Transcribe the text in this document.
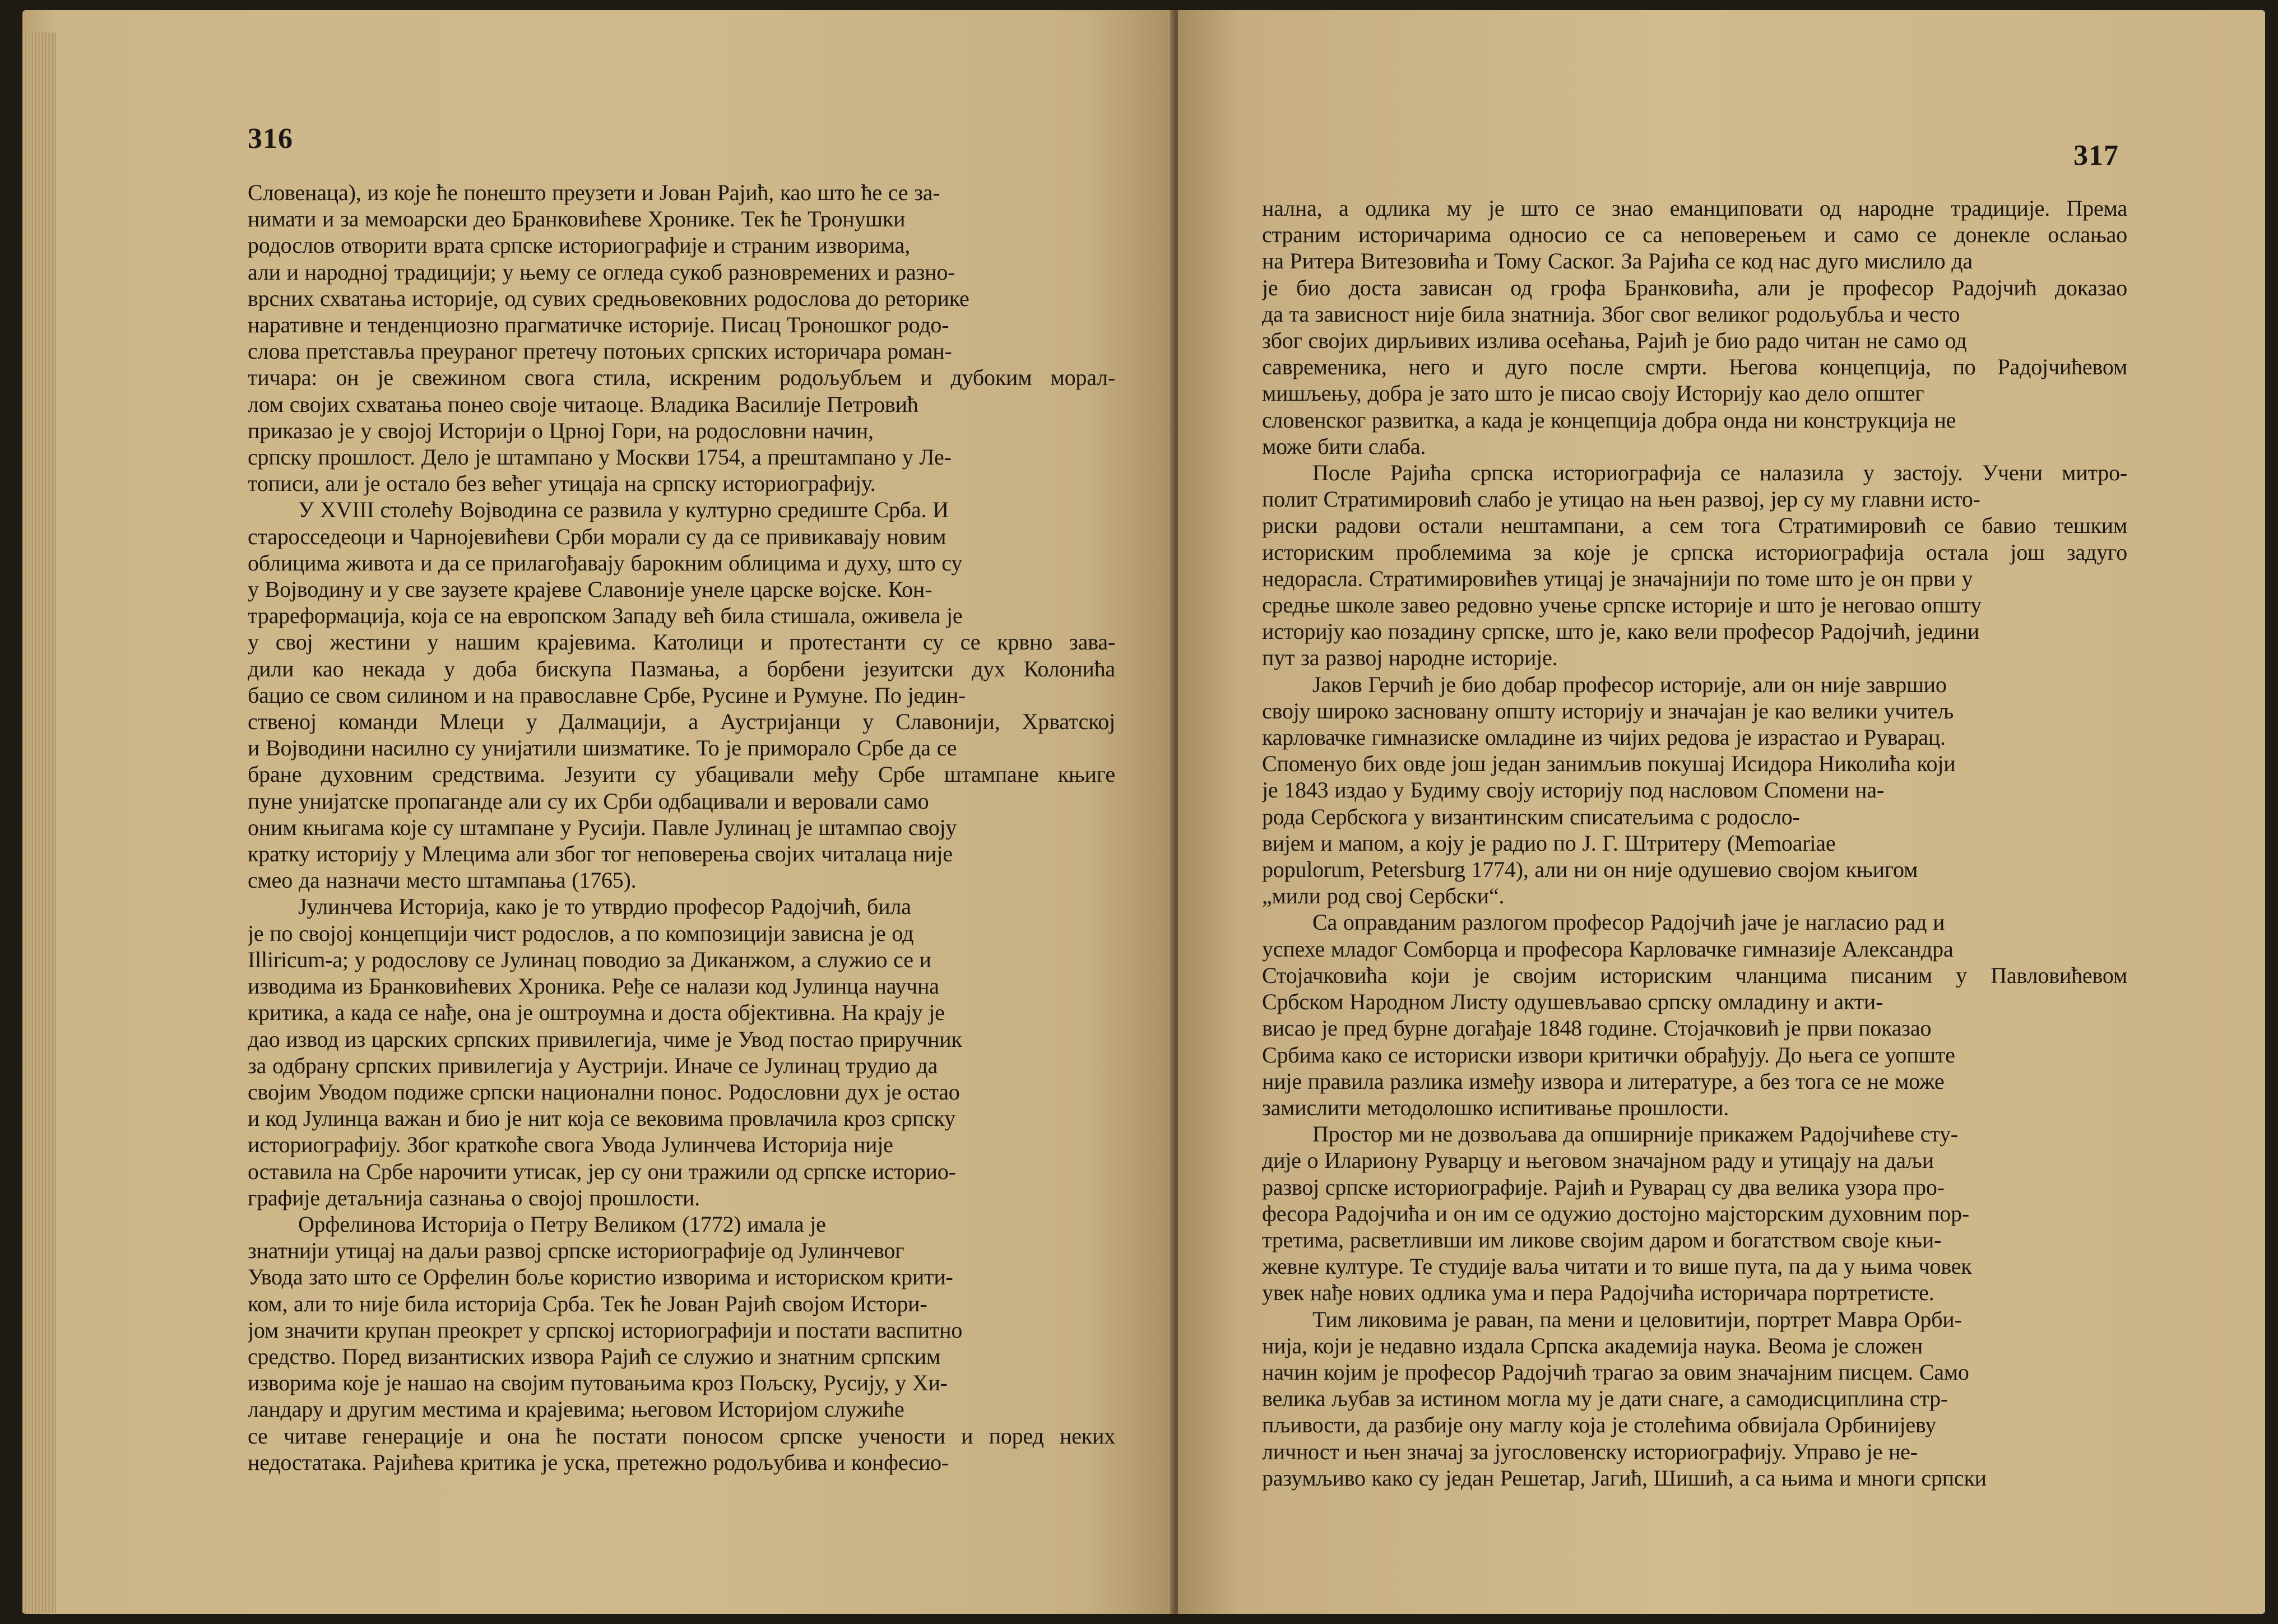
316
Словенаца), из које ће понешто преузети и Јован Рајић, као што ће се за-
нимати и за мемоарски део Бранковићеве Хронике. Тек ће Тронушки
родослов отворити врата српске историографије и страним изворима,
али и народној традицији; у њему се огледа сукоб разновремених и разно-
врсних схватања историје, од сувих средњовековних родослова до реторике
наративне и тенденциозно прагматичке историје. Писац Троношког родо-
слова претставља преураног претечу потоњих српских историчара роман-
тичара: он је свежином свога стила, искреним родољубљем и дубоким морал-
лом својих схватања понео своје читаоце. Владика Василије Петровић
приказао је у својој Историји о Црној Гори, на родословни начин,
српску прошлост. Дело је штампано у Москви 1754, а прештампано у Ле-
тописи, али је остало без већег утицаја на српску историографију.
У XVIII столећу Војводина се развила у културно средиште Срба. И
старосседеоци и Чарнојевићеви Срби морали су да се привикавају новим
облицима живота и да се прилагођавају барокним облицима и духу, што су
у Војводину и у све заузете крајеве Славоније унеле царске војске. Кон-
трареформација, која се на европском Западу већ била стишала, оживела је
у свој жестини у нашим крајевима. Католици и протестанти су се крвно зава-
дили као некада у доба бискупа Пазмања, а борбени језуитски дух Колонића
бацио се свом силином и на православне Србе, Русине и Румуне. По једин-
ственој команди Млеци у Далмацији, а Аустријанци у Славонији, Хрватској
и Војводини насилно су унијатили шизматике. То је приморало Србе да се
бране духовним средствима. Језуити су убацивали међу Србе штампане књиге
пуне унијатске пропаганде али су их Срби одбацивали и веровали само
оним књигама које су штампане у Русији. Павле Јулинац је штампао своју
кратку историју у Млецима али због тог неповерења својих читалаца није
смео да назначи место штампања (1765).
Јулинчева Историја, како је то утврдио професор Радојчић, била
је по својој концепцији чист родослов, а по композицији зависна је од
Illiricum-а; у родослову се Јулинац поводио за Диканжом, а служио се и
изводима из Бранковићевих Хроника. Ређе се налази код Јулинца научна
критика, а када се нађе, она је оштроумна и доста објективна. На крају је
дао извод из царских српских привилегија, чиме је Увод постао приручник
за одбрану српских привилегија у Аустрији. Иначе се Јулинац трудио да
својим Уводом подиже српски национални понос. Родословни дух је остао
и код Јулинца важан и био је нит која се вековима провлачила кроз српску
историографију. Због краткоће свога Увода Јулинчева Историја није
оставила на Србе нарочити утисак, јер су они тражили од српске историо-
графије детаљнија сазнања о својој прошлости.
Орфелинова Историја о Петру Великом (1772) имала је
знатнији утицај на даљи развој српске историографије од Јулинчевог
Увода зато што се Орфелин боље користио изворима и историском крити-
ком, али то није била историја Срба. Тек ће Јован Рајић својом Истори-
јом значити крупан преокрет у српској историографији и постати васпитно
средство. Поред византиских извора Рајић се служио и знатним српским
изворима које је нашао на својим путовањима кроз Пољску, Русију, у Хи-
ландару и другим местима и крајевима; његовом Историјом служиће
се читаве генерације и она ће постати поносом српске учености и поред неких
недостатака. Рајићева критика је уска, претежно родољубива и конфесио-
317
нална, а одлика му је што се знао еманциповати од народне традиције. Према
страним историчарима односио се са неповерењем и само се донекле ослањао
на Ритера Витезовића и Тому Саског. За Рајића се код нас дуго мислило да
је био доста зависан од грофа Бранковића, али је професор Радојчић доказао
да та зависност није била знатнија. Због свог великог родољубља и често
због својих дирљивих излива осећања, Рајић је био радо читан не само од
савременика, него и дуго после смрти. Његова концепција, по Радојчићевом
мишљењу, добра је зато што је писао своју Историју као дело општег
словенског развитка, а када је концепција добра онда ни конструкција не
може бити слаба.
После Рајића српска историографија се налазила у застоју. Учени митро-
полит Стратимировић слабо је утицао на њен развој, јер су му главни исто-
риски радови остали нештампани, а сем тога Стратимировић се бавио тешким
историским проблемима за које је српска историографија остала још задуго
недорасла. Стратимировићев утицај је значајнији по томе што је он први у
средње школе завео редовно учење српске историје и што је неговао општу
историју као позадину српске, што је, како вели професор Радојчић, једини
пут за развој народне историје.
Јаков Герчић је био добар професор историје, али он није завршио
своју широко засновану општу историју и значајан је као велики учитељ
карловачке гимназиске омладине из чијих редова је израстао и Руварац.
Споменуо бих овде још један занимљив покушај Исидора Николића који
је 1843 издао у Будиму своју историју под насловом Спомени на-
рода Сербскога у византинским списатељима с родосло-
вијем и мапом, а коју је радио по Ј. Г. Штритеру (Memoariae
populorum, Petersburg 1774), али ни он није одушевио својом књигом
„мили род свој Сербски“.
Са оправданим разлогом професор Радојчић јаче је нагласио рад и
успехе младог Сомборца и професора Карловачке гимназије Александра
Стојачковића који је својим историским чланцима писаним у Павловићевом
Србском Народном Листу одушевљавао српску омладину и акти-
висао је пред бурне догађаје 1848 године. Стојачковић је први показао
Србима како се историски извори критички обрађују. До њега се уопште
није правила разлика између извора и литературе, а без тога се не може
замислити методолошко испитивање прошлости.
Простор ми не дозвољава да опширније прикажем Радојчићеве сту-
дије о Илариону Руварцу и његовом значајном раду и утицају на даљи
развој српске историографије. Рајић и Руварац су два велика узора про-
фесора Радојчића и он им се одужио достојно мајсторским духовним пор-
третима, расветливши им ликове својим даром и богатством своје књи-
жевне културе. Те студије ваља читати и то више пута, па да у њима човек
увек нађе нових одлика ума и пера Радојчића историчара портретисте.
Тим ликовима је раван, па мени и целовитији, портрет Мавра Орби-
нија, који је недавно издала Српска академија наука. Веома је сложен
начин којим је професор Радојчић трагао за овим значајним писцем. Само
велика љубав за истином могла му је дати снаге, а самодисциплина стр-
пљивости, да разбије ону маглу која је столећима обвијала Орбинијеву
личност и њен значај за југословенску историографију. Управо је не-
разумљиво како су један Решетар, Јагић, Шишић, а са њима и многи српски
